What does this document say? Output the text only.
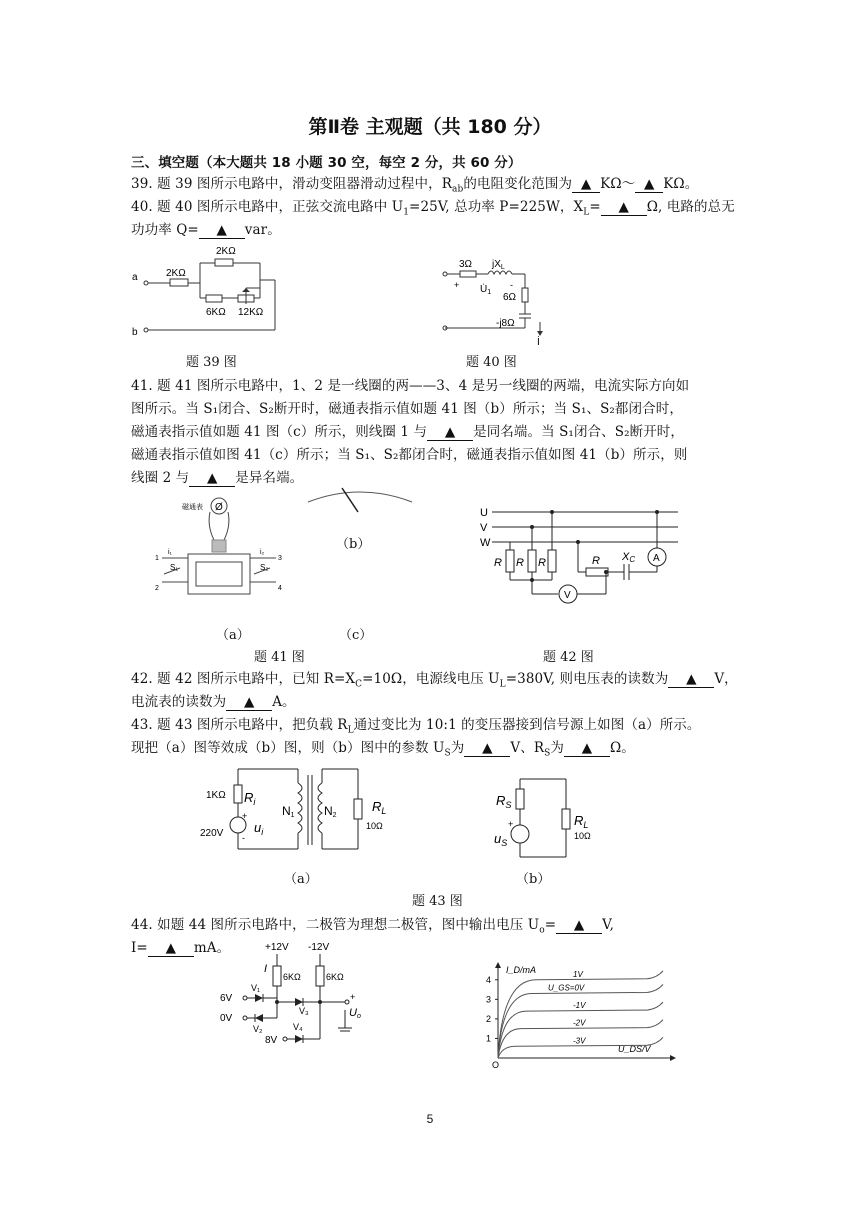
第Ⅱ卷 主观题（共 180 分）
三、填空题（本大题共 18 小题 30 空，每空 2 分，共 60 分）
39. 题 39 图所示电路中，滑动变阻器滑动过程中，$R_{ab}$的电阻变化范围为 ▲ KΩ～ ▲ KΩ。
40. 题 40 图所示电路中，正弦交流电路中 $U_1=25V$, 总功率 P=225W，$X_L=$ ▲ Ω, 电路的总无
功功率 Q= ▲ var。
a
b
2KΩ
2KΩ
6KΩ 12KΩ
题 39 图
3Ω $jX_L$
$U̇_1$
+	-
6Ω
-j8Ω
İ
题 40 图
41. 题 41 图所示电路中，1、2 是一线圈的两——3、4 是另一线圈的两端，电流实际方向如
图所示。当 S₁闭合、S₂断开时，磁通表指示值如题 41 图（b）所示；当 S₁、S₂都闭合时，
磁通表指示值如题 41 图（c）所示，则线圈 1 与 ▲ 是同名端。当 S₁闭合、S₂断开时，
磁通表指示值如图 41（c）所示；当 S₁、S₂都闭合时，磁通表指示值如图 41（b）所示，则
线圈 2 与 ▲ 是异名端。
磁通表 Ø
1
2
3
4
i₁	i₂
S₁	S₂
（b）
（a）	（c）
题 41 图
U
V
W
R R R	R XC A
V
题 42 图
42. 题 42 图所示电路中，已知 $R=X_C=10\Omega$，电源线电压 $U_L=380V$, 则电压表的读数为 ▲ V，
电流表的读数为 ▲ A。
43. 题 43 图所示电路中，把负载 $R_L$通过变比为 10:1 的变压器接到信号源上如图（a）所示。
现把（a）图等效成（b）图，则（b）图中的参数 $U_S$为 ▲ V、$R_S$为 ▲ Ω。
1KΩ $R_i$
220V $u_i$
+
-
N1 N2
$R_L$
10Ω
$R_S$
$u_S$
+	$R_L$
10Ω
（a）	（b）
题 43 图
44. 如题 44 图所示电路中，二极管为理想二极管，图中输出电压 $U_o=$ ▲ V,
I= ▲ mA。	+12V -12V
I
6KΩ	6KΩ
6V
0V
8V
V₁
V₂
V₃
V₄
+
Uo
I_D/mA
U_DS/V
O
1
2
3
4
1V
U_GS=0V
-1V
-2V
-3V
5
